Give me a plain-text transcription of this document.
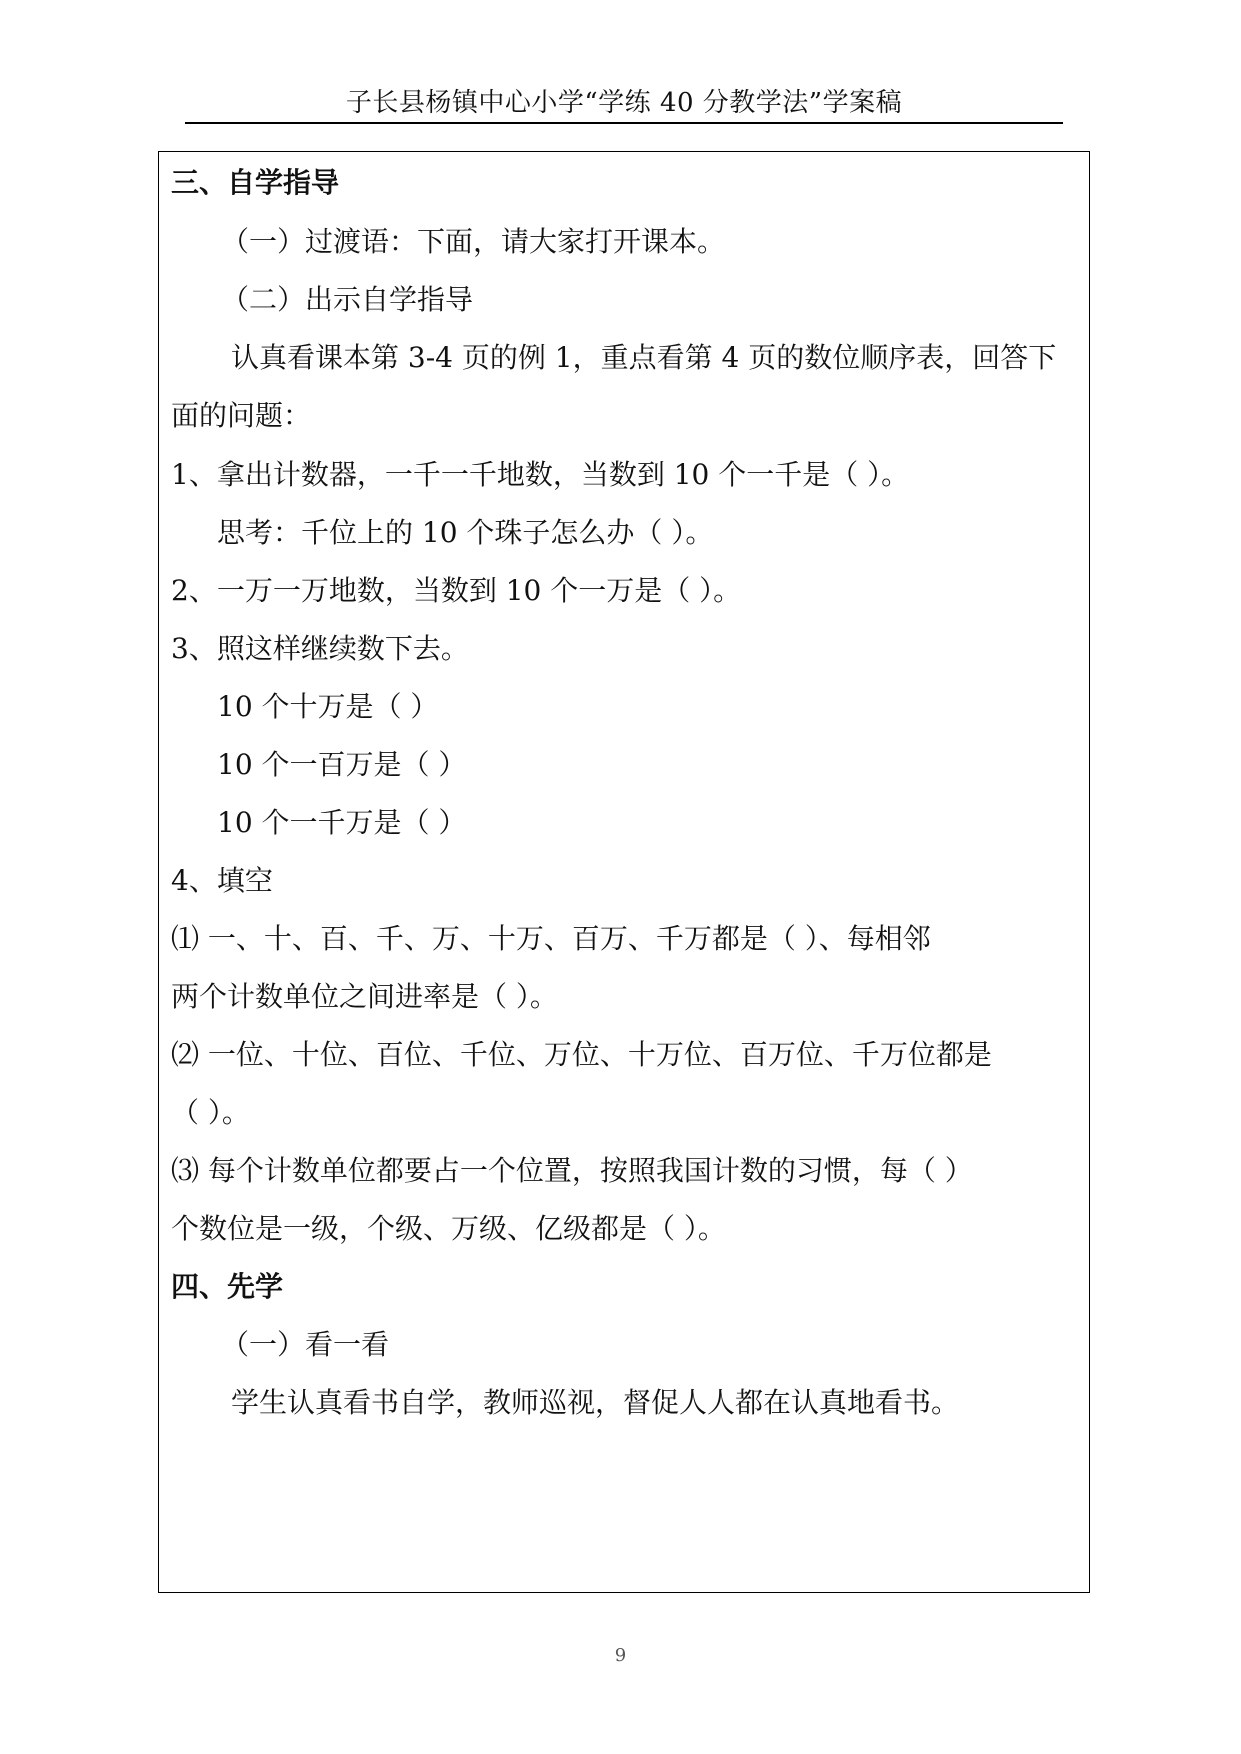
子长县杨镇中心小学“学练 40 分教学法”学案稿
三、自学指导
（一）过渡语：下面，请大家打开课本。
（二）出示自学指导
认真看课本第 3-4 页的例 1，重点看第 4 页的数位顺序表，回答下
面的问题：
1、拿出计数器，一千一千地数，当数到 10 个一千是（ ）。
思考：千位上的 10 个珠子怎么办（ ）。
2、一万一万地数，当数到 10 个一万是（ ）。
3、照这样继续数下去。
10 个十万是（ ）
10 个一百万是（ ）
10 个一千万是（ ）
4、填空
⑴ 一、十、百、千、万、十万、百万、千万都是（ ）、每相邻
两个计数单位之间进率是（ ）。
⑵ 一位、十位、百位、千位、万位、十万位、百万位、千万位都是
（ ）。
⑶ 每个计数单位都要占一个位置，按照我国计数的习惯，每（ ）
个数位是一级，个级、万级、亿级都是（ ）。
四、先学
（一）看一看
学生认真看书自学，教师巡视，督促人人都在认真地看书。
9
